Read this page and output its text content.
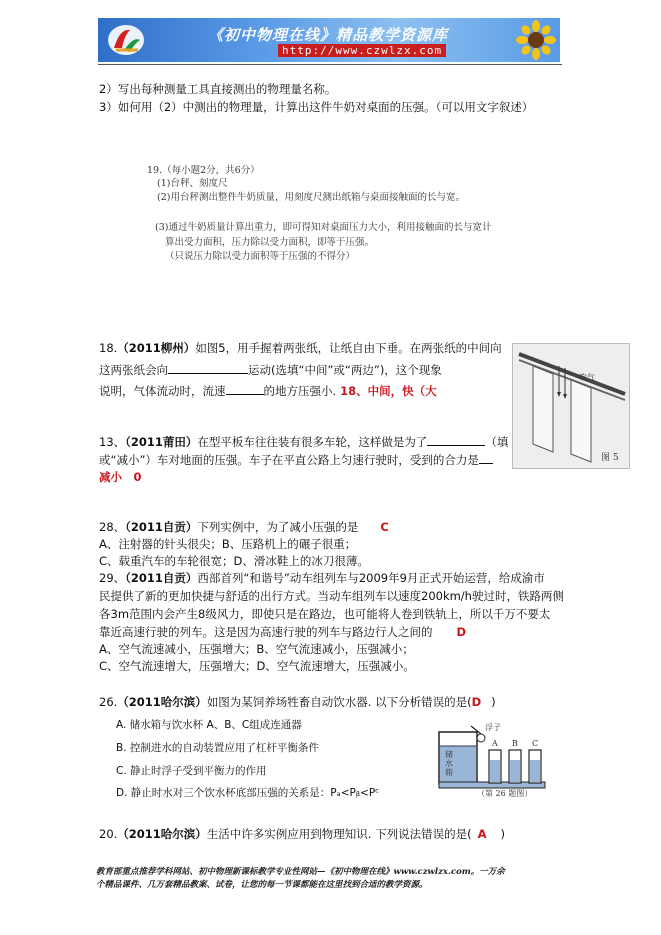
《初中物理在线》精品教学资源库
http://www.czwlzx.com
2）写出每种测量工具直接测出的物理量名称。
3）如何用（2）中测出的物理量，计算出这件牛奶对桌面的压强。（可以用文字叙述）
19.（每小题2分，共6分）
(1)台秤、刻度尺
(2)用台秤测出整件牛奶质量，用刻度尺测出纸箱与桌面接触面的长与宽。
(3)通过牛奶质量计算出重力，即可得知对桌面压力大小，利用接触面的长与宽计
算出受力面积，压力除以受力面积，即等于压强。
（只说压力除以受力面积等于压强的不得分）
18.（2011柳州）如图5，用手握着两张纸，让纸自由下垂。在两张纸的中间向
这两张纸会向	运动(选填“中间”或“两边”)，这个现象
说明，气体流动时，流速	的地方压强小. 18、中间，快（大
吹气
图 5
13、（2011莆田）在型平板车往往装有很多车轮，这样做是为了	（填
或“减小”）车对地面的压强。车子在平直公路上匀速行驶时，受到的合力是
减小　0
28、（2011自贡）下列实例中，为了减小压强的是 C
A、注射器的针头很尖；B、压路机上的碾子很重；
C、载重汽车的车轮很宽；D、滑冰鞋上的冰刀很薄。
29、（2011自贡）西部首列“和谐号”动车组列车与2009年9月正式开始运营，给成渝市
民提供了新的更加快捷与舒适的出行方式。当动车组列车以速度200km/h驶过时，铁路两侧
各3m范围内会产生8级风力，即使只是在路边，也可能将人卷到铁轨上，所以千万不要太
靠近高速行驶的列车。这是因为高速行驶的列车与路边行人之间的 D
A、空气流速减小，压强增大；B、空气流速减小，压强减小；
C、空气流速增大，压强增大；D、空气流速增大，压强减小。
26.（2011哈尔滨）如图为某饲养场牲畜自动饮水器. 以下分析错误的是(D )
A. 储水箱与饮水杯 A、B、C组成连通器
B. 控制进水的自动装置应用了杠杆平衡条件
C. 静止时浮子受到平衡力的作用
D. 静止时水对三个饮水杯底部压强的关系是：Pₐ<Pᵦ<Pᶜ
浮子
储水箱
A B C
（第 26 题图）
20.（2011哈尔滨）生活中许多实例应用到物理知识. 下列说法错误的是( A )
教育部重点推荐学科网站、初中物理新课标教学专业性网站—《初中物理在线》www.czwlzx.com。一万余
个精品课件、几万套精品教案、试卷，让您的每一节课都能在这里找到合适的教学资源。
